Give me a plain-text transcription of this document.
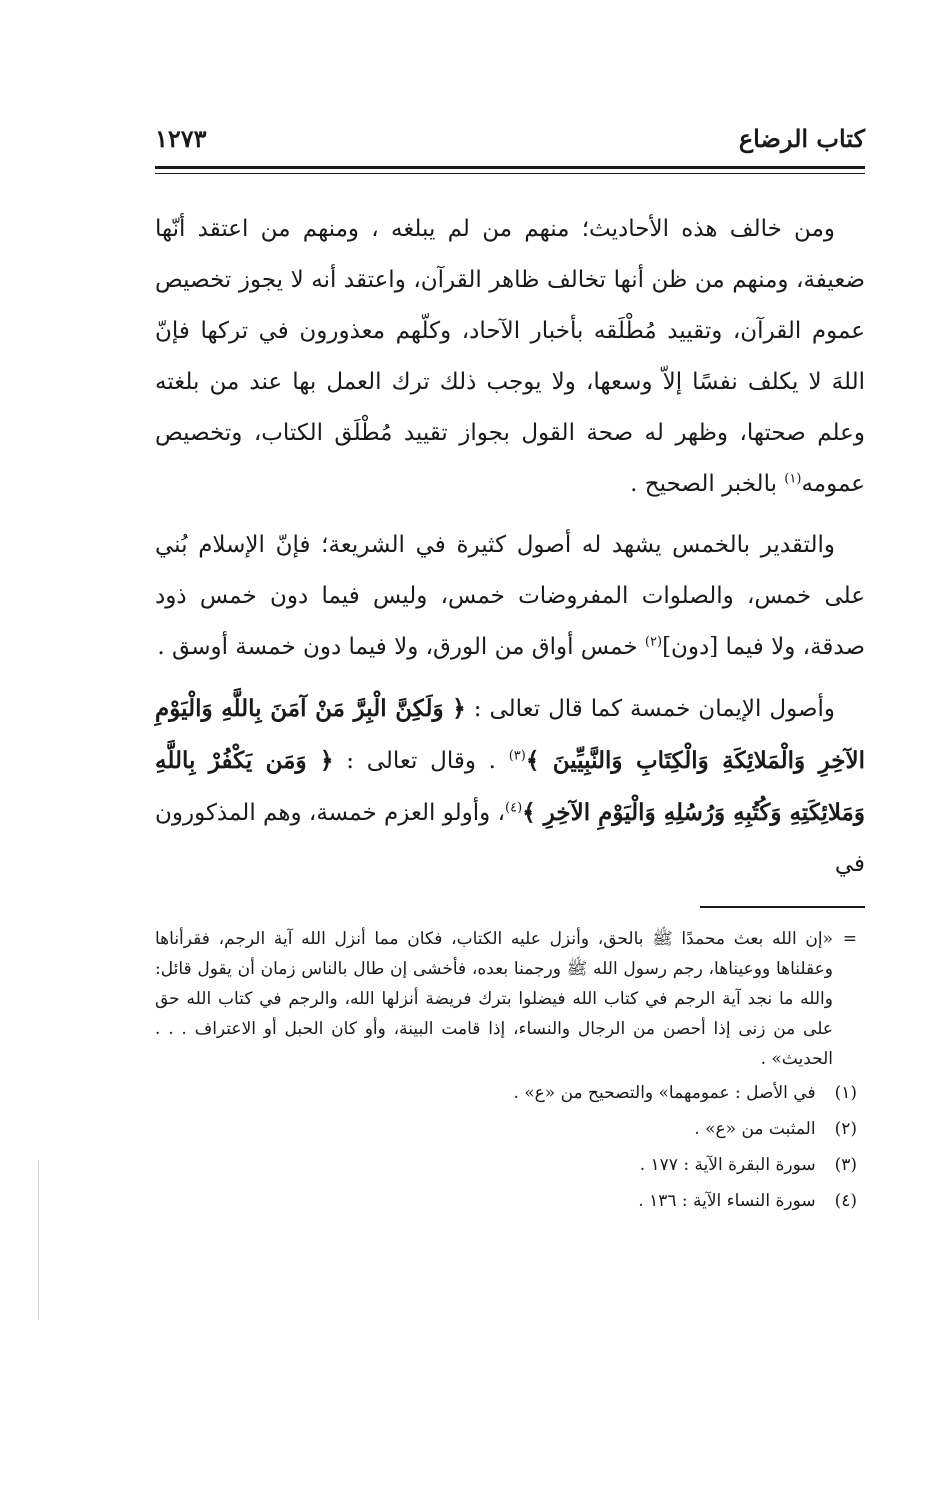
كتاب الرضاع
١٢٧٣

ومن خالف هذه الأحاديث؛ منهم من لم يبلغه ، ومنهم من اعتقد أنّها ضعيفة، ومنهم من ظن أنها تخالف ظاهر القرآن، واعتقد أنه لا يجوز تخصيص عموم القرآن، وتقييد مُطْلَقه بأخبار الآحاد، وكلّهم معذورون في تركها فإنّ اللهَ لا يكلف نفسًا إلاّ وسعها، ولا يوجب ذلك ترك العمل بها عند من بلغته وعلم صحتها، وظهر له صحة القول بجواز تقييد مُطْلَق الكتاب، وتخصيص عمومه$^{(١)}$ بالخبر الصحيح .

والتقدير بالخمس يشهد له أصول كثيرة في الشريعة؛ فإنّ الإسلام بُني على خمس، والصلوات المفروضات خمس، وليس فيما دون خمس ذود صدقة، ولا فيما [دون]$^{(٢)}$ خمس أواق من الورق، ولا فيما دون خمسة أوسق .

وأصول الإيمان خمسة كما قال تعالى : ﴿ وَلَكِنَّ الْبِرَّ مَنْ آمَنَ بِاللَّهِ وَالْيَوْمِ الآخِرِ وَالْمَلائِكَةِ وَالْكِتَابِ وَالنَّبِيِّينَ ﴾$^{(٣)}$ . وقال تعالى : ﴿ وَمَن يَكْفُرْ بِاللَّهِ وَمَلائِكَتِهِ وَكُتُبِهِ وَرُسُلِهِ وَالْيَوْمِ الآخِرِ ﴾$^{(٤)}$، وأولو العزم خمسة، وهم المذكورون في

=
«إن الله بعث محمدًا ﷺ بالحق، وأنزل عليه الكتاب، فكان مما أنزل الله آية الرجم، فقرأناها وعقلناها ووعيناها، رجم رسول الله ﷺ ورجمنا بعده، فأخشى إن طال بالناس زمان أن يقول قائل: والله ما نجد آية الرجم في كتاب الله فيضلوا بترك فريضة أنزلها الله، والرجم في كتاب الله حق على من زنى إذا أحصن من الرجال والنساء، إذا قامت البينة، وأو كان الحبل أو الاعتراف . . . الحديث» .
(١) في الأصل : عمومهما» والتصحيح من «ع» .
(٢) المثبت من «ع» .
(٣) سورة البقرة الآية : ١٧٧ .
(٤) سورة النساء الآية : ١٣٦ .
